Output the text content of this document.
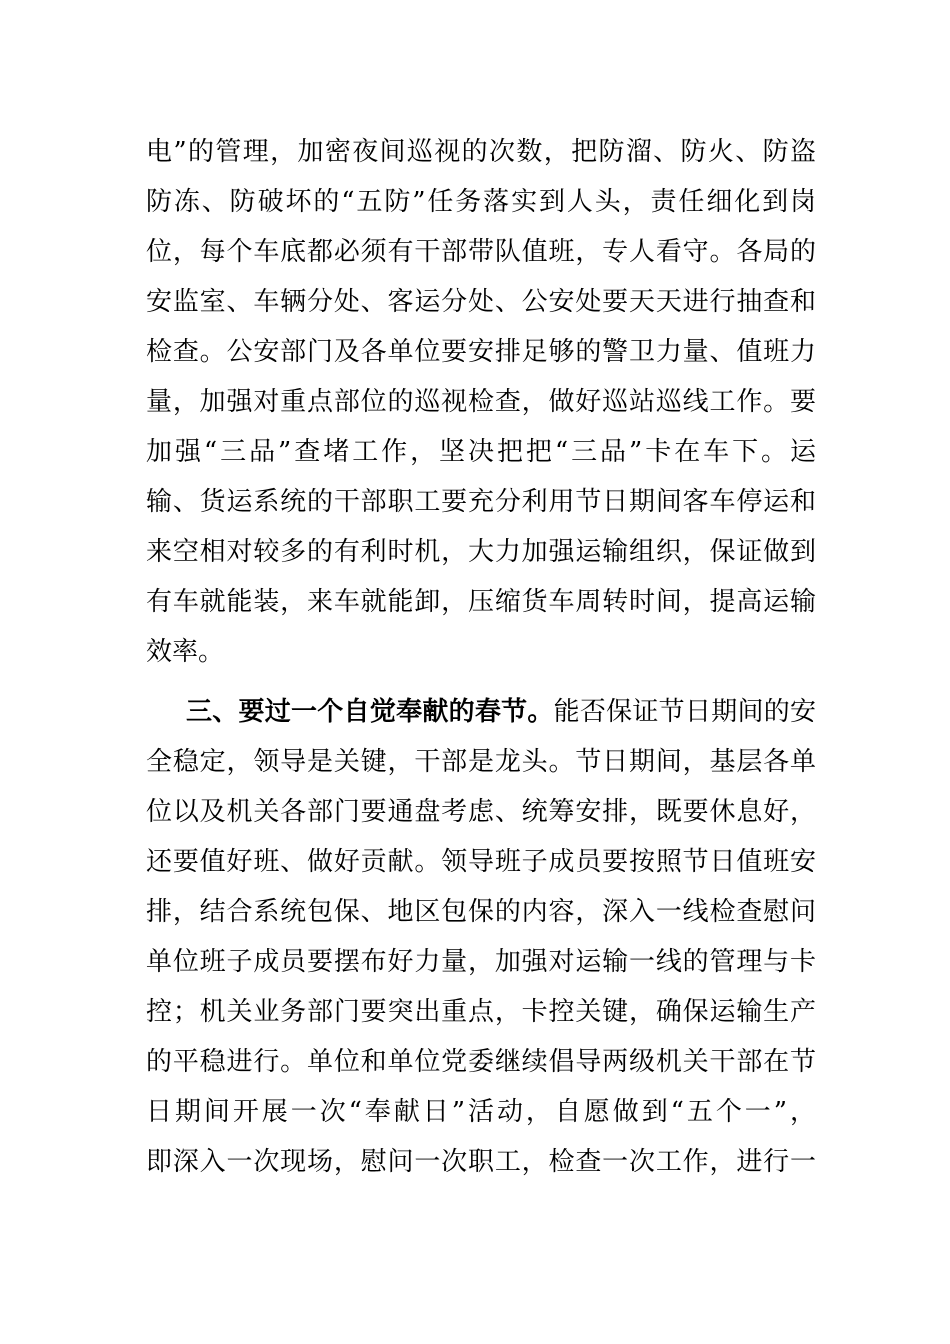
电”的管理，加密夜间巡视的次数，把防溜、防火、防盗
防冻、防破坏的“五防”任务落实到人头，责任细化到岗
位，每个车底都必须有干部带队值班，专人看守。各局的
安监室、车辆分处、客运分处、公安处要天天进行抽查和
检查。公安部门及各单位要安排足够的警卫力量、值班力
量，加强对重点部位的巡视检查，做好巡站巡线工作。要
加强“三品”查堵工作，坚决把把“三品”卡在车下。运
输、货运系统的干部职工要充分利用节日期间客车停运和
来空相对较多的有利时机，大力加强运输组织，保证做到
有车就能装，来车就能卸，压缩货车周转时间，提高运输
效率。
三、要过一个自觉奉献的春节。能否保证节日期间的安
全稳定，领导是关键，干部是龙头。节日期间，基层各单
位以及机关各部门要通盘考虑、统筹安排，既要休息好，
还要值好班、做好贡献。领导班子成员要按照节日值班安
排，结合系统包保、地区包保的内容，深入一线检查慰问
单位班子成员要摆布好力量，加强对运输一线的管理与卡
控；机关业务部门要突出重点，卡控关键，确保运输生产
的平稳进行。单位和单位党委继续倡导两级机关干部在节
日期间开展一次“奉献日”活动，自愿做到“五个一”，
即深入一次现场，慰问一次职工，检查一次工作，进行一
